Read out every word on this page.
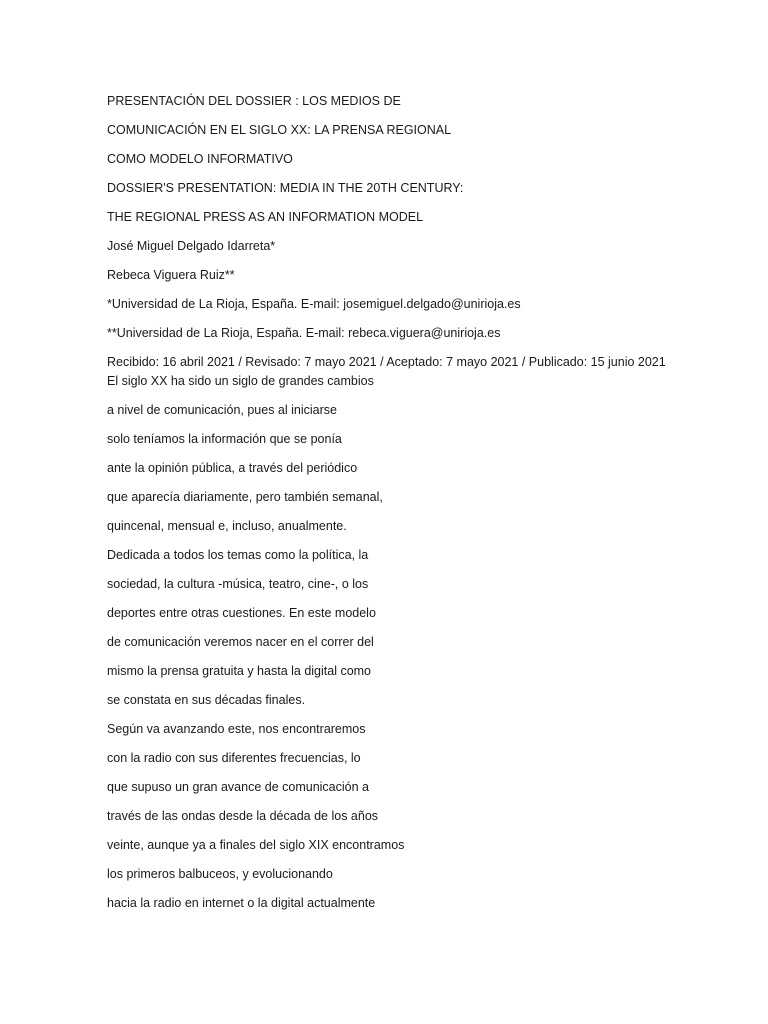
PRESENTACIÓN DEL DOSSIER : LOS MEDIOS DE
COMUNICACIÓN EN EL SIGLO XX: LA PRENSA REGIONAL
COMO MODELO INFORMATIVO
DOSSIER'S PRESENTATION: MEDIA IN THE 20TH CENTURY:
THE REGIONAL PRESS AS AN INFORMATION MODEL
José Miguel Delgado Idarreta*
Rebeca Viguera Ruiz**
*Universidad de La Rioja, España. E-mail: josemiguel.delgado@unirioja.es
**Universidad de La Rioja, España. E-mail: rebeca.viguera@unirioja.es
Recibido: 16 abril 2021 / Revisado: 7 mayo 2021 / Aceptado: 7 mayo 2021 / Publicado: 15 junio 2021 El siglo XX ha sido un siglo de grandes cambios
a nivel de comunicación, pues al iniciarse
solo teníamos la información que se ponía
ante la opinión pública, a través del periódico
que aparecía diariamente, pero también semanal,
quincenal, mensual e, incluso, anualmente.
Dedicada a todos los temas como la política, la
sociedad, la cultura -música, teatro, cine-, o los
deportes entre otras cuestiones. En este modelo
de comunicación veremos nacer en el correr del
mismo la prensa gratuita y hasta la digital como
se constata en sus décadas finales.
Según va avanzando este, nos encontraremos
con la radio con sus diferentes frecuencias, lo
que supuso un gran avance de comunicación a
través de las ondas desde la década de los años
veinte, aunque ya a finales del siglo XIX encontramos
los primeros balbuceos, y evolucionando
hacia la radio en internet o la digital actualmente
